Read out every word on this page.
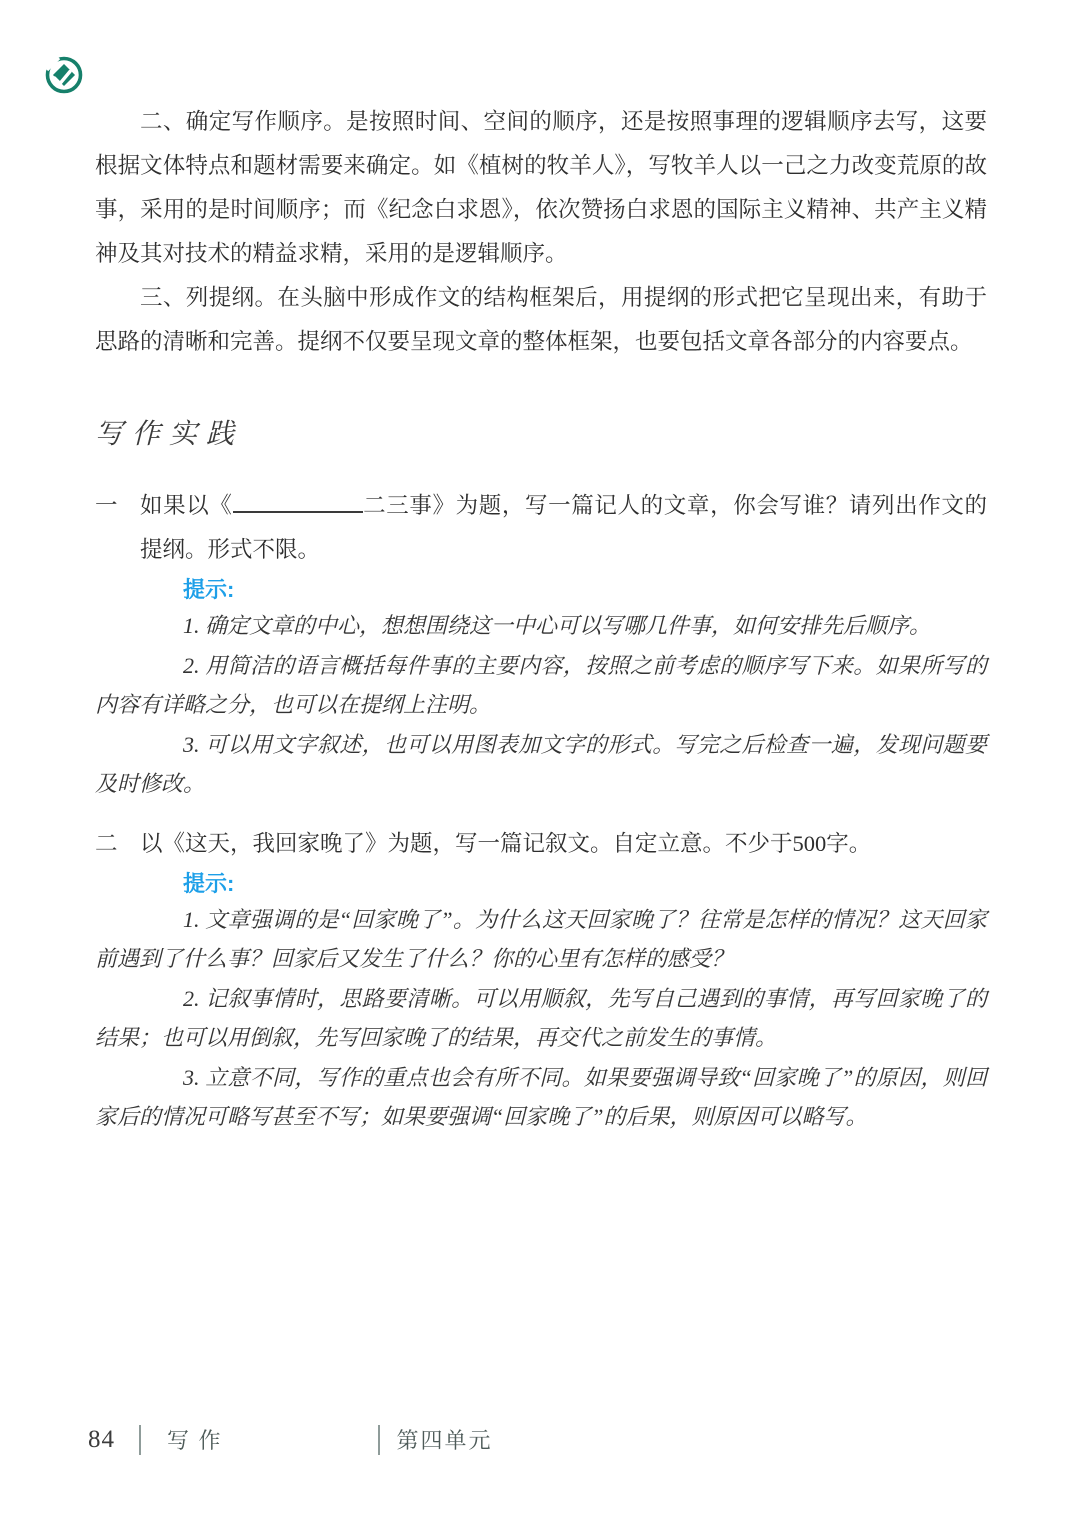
二、确定写作顺序。是按照时间、空间的顺序，还是按照事理的逻辑顺序去写，这要根据文体特点和题材需要来确定。如《植树的牧羊人》，写牧羊人以一己之力改变荒原的故事，采用的是时间顺序；而《纪念白求恩》，依次赞扬白求恩的国际主义精神、共产主义精神及其对技术的精益求精，采用的是逻辑顺序。

三、列提纲。在头脑中形成作文的结构框架后，用提纲的形式把它呈现出来，有助于思路的清晰和完善。提纲不仅要呈现文章的整体框架，也要包括文章各部分的内容要点。

写作实践
一 如果以《	二三事》为题，写一篇记人的文章，你会写谁？请列出作文的提纲。形式不限。
提示:

1. 确定文章的中心，想想围绕这一中心可以写哪几件事，如何安排先后顺序。

2. 用简洁的语言概括每件事的主要内容，按照之前考虑的顺序写下来。如果所写的内容有详略之分，也可以在提纲上注明。

3. 可以用文字叙述，也可以用图表加文字的形式。写完之后检查一遍，发现问题要及时修改。

二 以《这天，我回家晚了》为题，写一篇记叙文。自定立意。不少于500字。
提示:

1. 文章强调的是“回家晚了”。为什么这天回家晚了？往常是怎样的情况？这天回家前遇到了什么事？回家后又发生了什么？你的心里有怎样的感受？

2. 记叙事情时，思路要清晰。可以用顺叙，先写自己遇到的事情，再写回家晚了的结果；也可以用倒叙，先写回家晚了的结果，再交代之前发生的事情。

3. 立意不同，写作的重点也会有所不同。如果要强调导致“回家晚了”的原因，则回家后的情况可略写甚至不写；如果要强调“回家晚了”的后果，则原因可以略写。

84 写 作	第四单元
